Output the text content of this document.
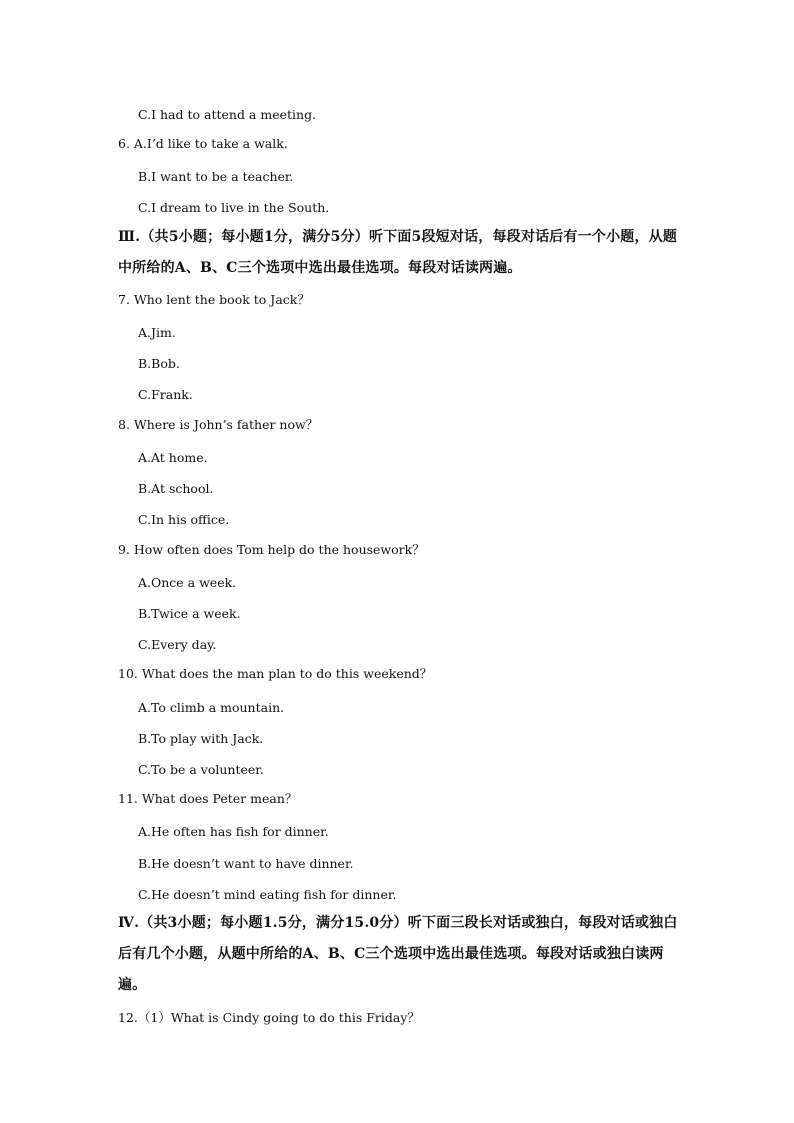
C.I had to attend a meeting.
6. A.I’d like to take a walk.
B.I want to be a teacher.
C.I dream to live in the South.
Ⅲ.（共5小题；每小题1分，满分5分）听下面5段短对话，每段对话后有一个小题，从题中所给的A、B、C三个选项中选出最佳选项。每段对话读两遍。
7. Who lent the book to Jack？
A.Jim.
B.Bob.
C.Frank.
8. Where is John’s father now？
A.At home.
B.At school.
C.In his office.
9. How often does Tom help do the housework？
A.Once a week.
B.Twice a week.
C.Every day.
10. What does the man plan to do this weekend？
A.To climb a mountain.
B.To play with Jack.
C.To be a volunteer.
11. What does Peter mean？
A.He often has fish for dinner.
B.He doesn’t want to have dinner.
C.He doesn’t mind eating fish for dinner.
Ⅳ.（共3小题；每小题1.5分，满分15.0分）听下面三段长对话或独白，每段对话或独白后有几个小题，从题中所给的A、B、C三个选项中选出最佳选项。每段对话或独白读两遍。
12.（1）What is Cindy going to do this Friday？
